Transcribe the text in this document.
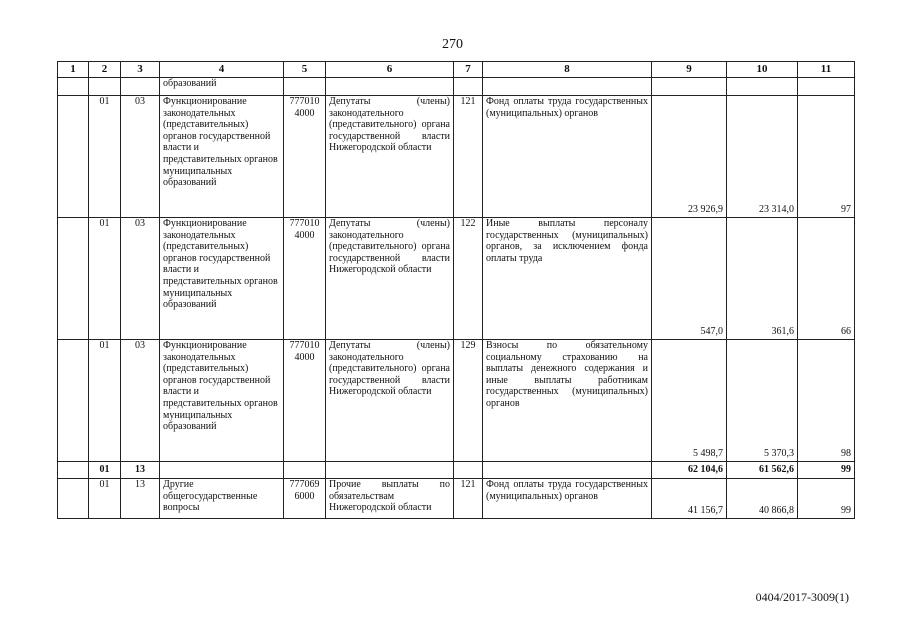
270
1	2	3	4	5	6	7	8	9	10	11
			образований							
	01	03	Функционирование законодательных (представительных) органов государственной власти и представительных органов муниципальных образований	777010 4000	Депутаты (члены) законодательного (представительного) органа государственной власти Нижегородской области	121	Фонд оплаты труда государственных (муниципальных) органов	23 926,9	23 314,0	97
	01	03	Функционирование законодательных (представительных) органов государственной власти и представительных органов муниципальных образований	777010 4000	Депутаты (члены) законодательного (представительного) органа государственной власти Нижегородской области	122	Иные выплаты персоналу государственных (муниципальных) органов, за исключением фонда оплаты труда	547,0	361,6	66
	01	03	Функционирование законодательных (представительных) органов государственной власти и представительных органов муниципальных образований	777010 4000	Депутаты (члены) законодательного (представительного) органа государственной власти Нижегородской области	129	Взносы по обязательному социальному страхованию на выплаты денежного содержания и иные выплаты работникам государственных (муниципальных) органов	5 498,7	5 370,3	98
	01	13						62 104,6	61 562,6	99
	01	13	Другие общегосударственные вопросы	777069 6000	Прочие выплаты по обязательствам Нижегородской области	121	Фонд оплаты труда государственных (муниципальных) органов	41 156,7	40 866,8	99
0404/2017-3009(1)
